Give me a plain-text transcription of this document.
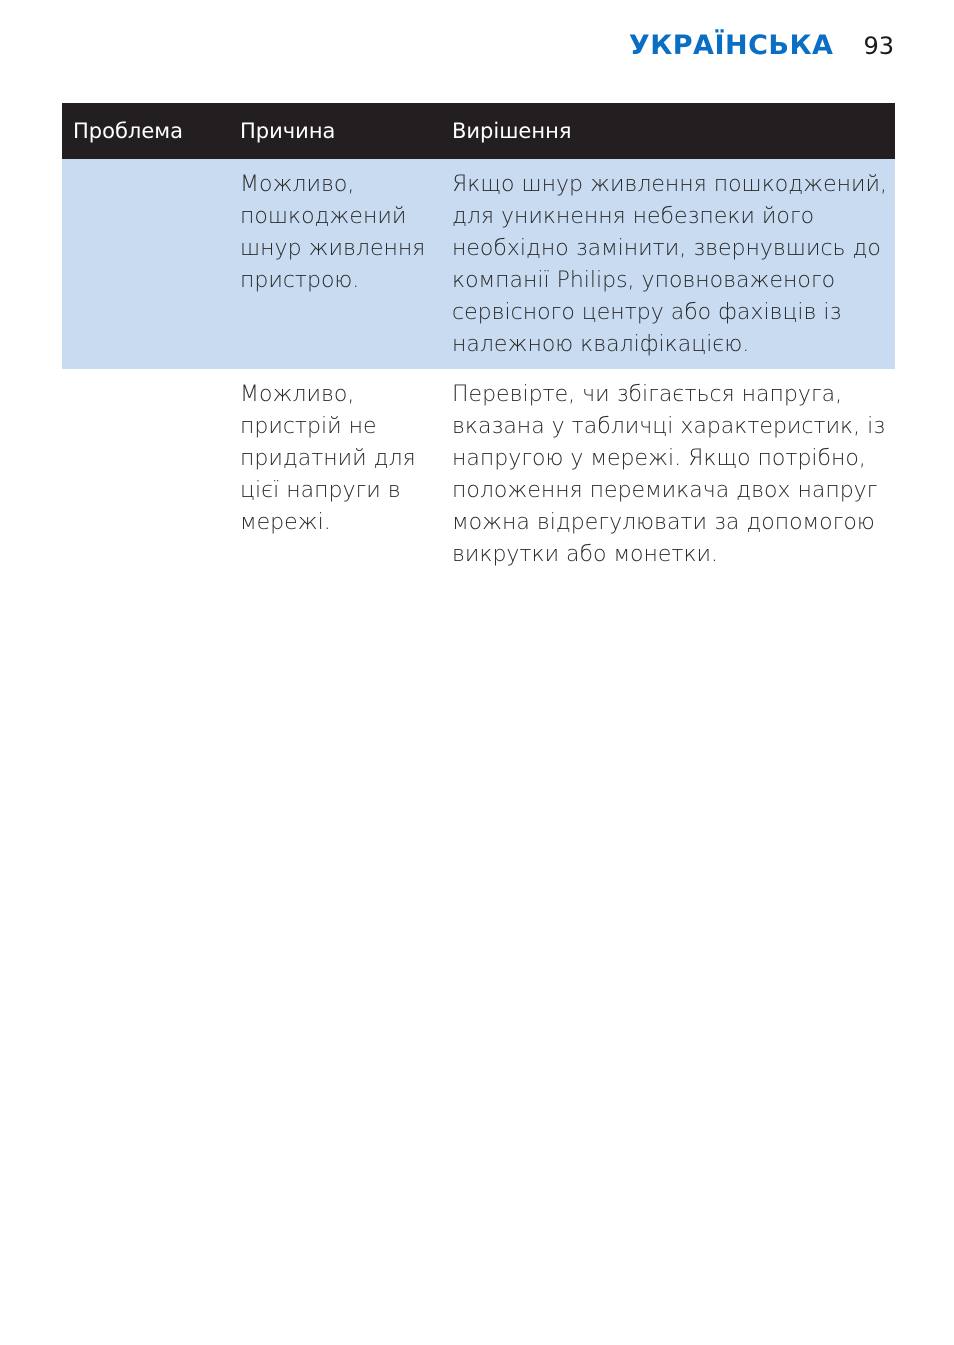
УКРАЇНСЬКА 93
Проблема	Причина	Вирішення
	Можливо, пошкоджений шнур живлення пристрою.	Якщо шнур живлення пошкоджений, для уникнення небезпеки його необхідно замінити, звернувшись до компанії Philips, уповноваженого сервісного центру або фахівців із належною кваліфікацією.
	Можливо, пристрій не придатний для цієї напруги в мережі.	Перевірте, чи збігається напруга, вказана у табличці характеристик, із напругою у мережі. Якщо потрібно, положення перемикача двох напруг можна відрегулювати за допомогою викрутки або монетки.
